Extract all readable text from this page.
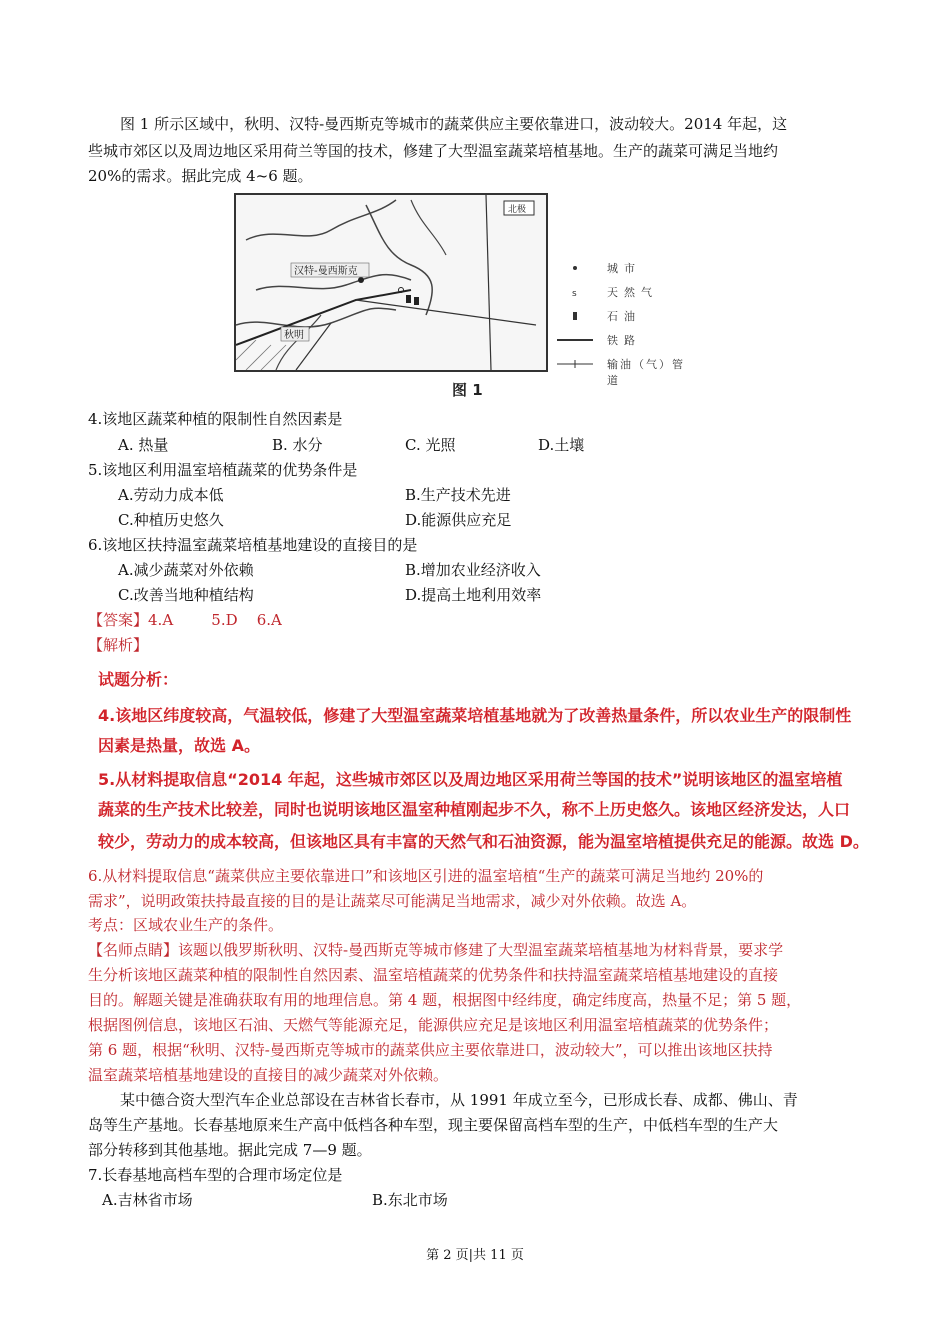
图 1 所示区域中，秋明、汉特-曼西斯克等城市的蔬菜供应主要依靠进口，波动较大。2014 年起，这
些城市郊区以及周边地区采用荷兰等国的技术，修建了大型温室蔬菜培植基地。生产的蔬菜可满足当地约
20%的需求。据此完成 4~6 题。
北极
汉特-曼西斯克
秋明
城市
s	天然气
石油
铁路
输油（气）管道
图 1
4.该地区蔬菜种植的限制性自然因素是
A. 热量	B. 水分	C. 光照	D.土壤
5.该地区利用温室培植蔬菜的优势条件是
A.劳动力成本低	B.生产技术先进
C.种植历史悠久	D.能源供应充足
6.该地区扶持温室蔬菜培植基地建设的直接目的是
A.减少蔬菜对外依赖	B.增加农业经济收入
C.改善当地种植结构	D.提高土地利用效率
【答案】4.A        5.D    6.A
【解析】
试题分析：
4.该地区纬度较高，气温较低，修建了大型温室蔬菜培植基地就为了改善热量条件，所以农业生产的限制性
因素是热量，故选 A。
5.从材料提取信息“2014 年起，这些城市郊区以及周边地区采用荷兰等国的技术”说明该地区的温室培植
蔬菜的生产技术比较差，同时也说明该地区温室种植刚起步不久，称不上历史悠久。该地区经济发达，人口
较少，劳动力的成本较高，但该地区具有丰富的天然气和石油资源，能为温室培植提供充足的能源。故选 D。
6.从材料提取信息“蔬菜供应主要依靠进口”和该地区引进的温室培植“生产的蔬菜可满足当地约 20%的
需求”，说明政策扶持最直接的目的是让蔬菜尽可能满足当地需求，减少对外依赖。故选 A。
考点：区域农业生产的条件。
【名师点睛】该题以俄罗斯秋明、汉特-曼西斯克等城市修建了大型温室蔬菜培植基地为材料背景，要求学
生分析该地区蔬菜种植的限制性自然因素、温室培植蔬菜的优势条件和扶持温室蔬菜培植基地建设的直接
目的。解题关键是准确获取有用的地理信息。第 4 题，根据图中经纬度，确定纬度高，热量不足；第 5 题，
根据图例信息，该地区石油、天燃气等能源充足，能源供应充足是该地区利用温室培植蔬菜的优势条件；
第 6 题，根据“秋明、汉特-曼西斯克等城市的蔬菜供应主要依靠进口，波动较大”，可以推出该地区扶持
温室蔬菜培植基地建设的直接目的减少蔬菜对外依赖。
某中德合资大型汽车企业总部设在吉林省长春市，从 1991 年成立至今，已形成长春、成都、佛山、青
岛等生产基地。长春基地原来生产高中低档各种车型，现主要保留高档车型的生产，中低档车型的生产大
部分转移到其他基地。据此完成 7—9 题。
7.长春基地高档车型的合理市场定位是
A.吉林省市场	B.东北市场
第 2 页|共 11 页
